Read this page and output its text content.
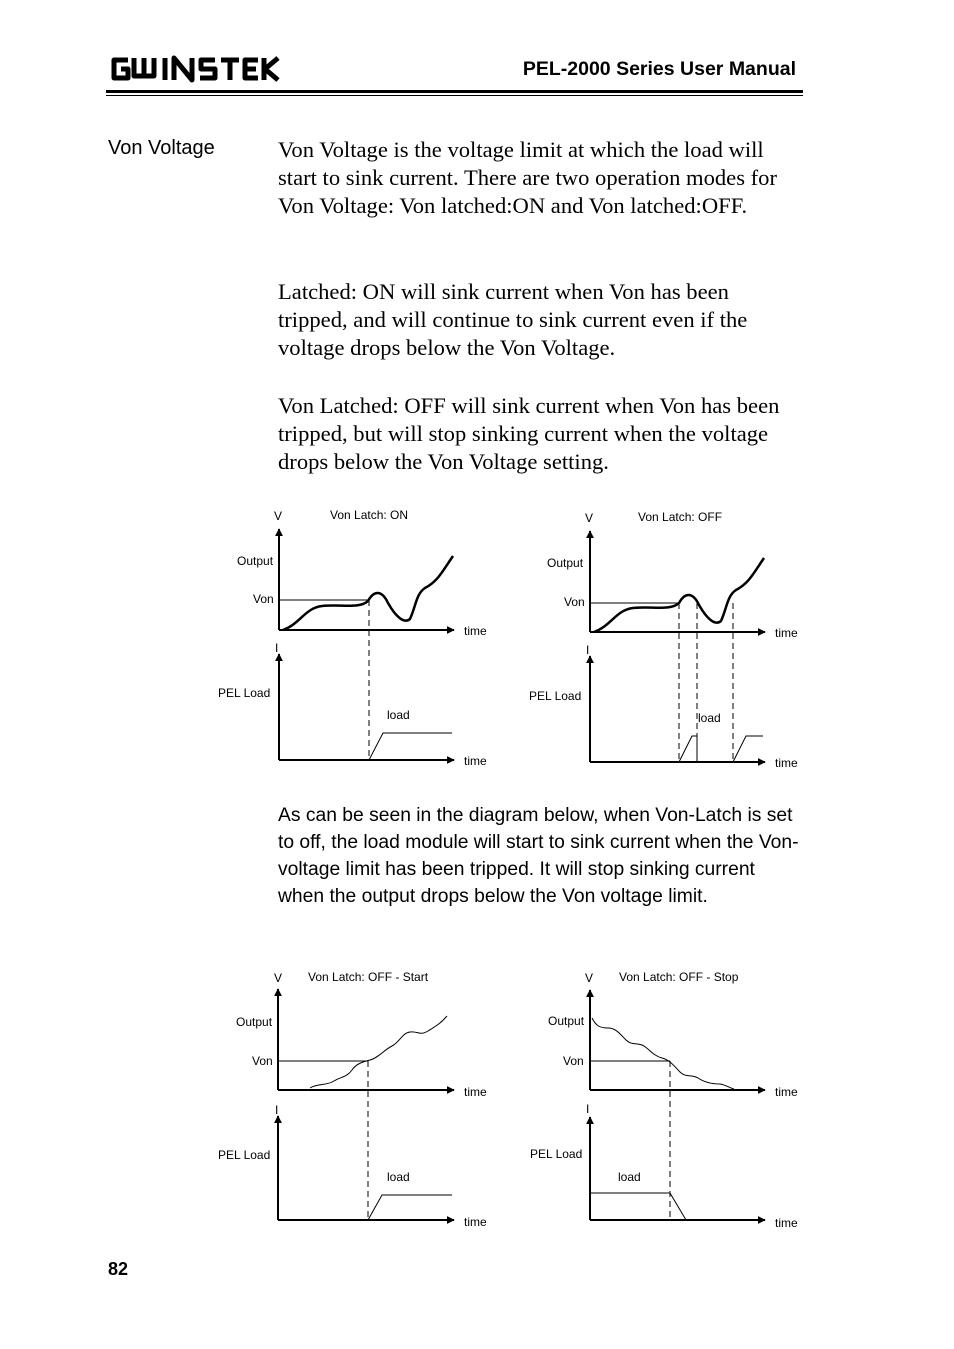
PEL-2000 Series User Manual
Von Voltage	Von Voltage is the voltage limit at which the load will start to sink current. There are two operation modes for Von Voltage: Von latched:ON and Von latched:OFF.

Latched: ON will sink current when Von has been tripped, and will continue to sink current even if the voltage drops below the Von Voltage.

Von Latched: OFF will sink current when Von has been tripped, but will stop sinking current when the voltage drops below the Von Voltage setting.

As can be seen in the diagram below, when Von-Latch is set to off, the load module will start to sink current when the Von-voltage limit has been tripped. It will stop sinking current when the output drops below the Von voltage limit.

V	Von Latch: ON
Output
Von
time
I
PEL Load
load
time
V	Von Latch: OFF
Output
Von
time
I
PEL Load
load
time
V Von Latch: OFF - Start
Output
Von
time
I
PEL Load
load
time
V Von Latch: OFF - Stop
Output
Von
time
I
PEL Load
load
time
82
